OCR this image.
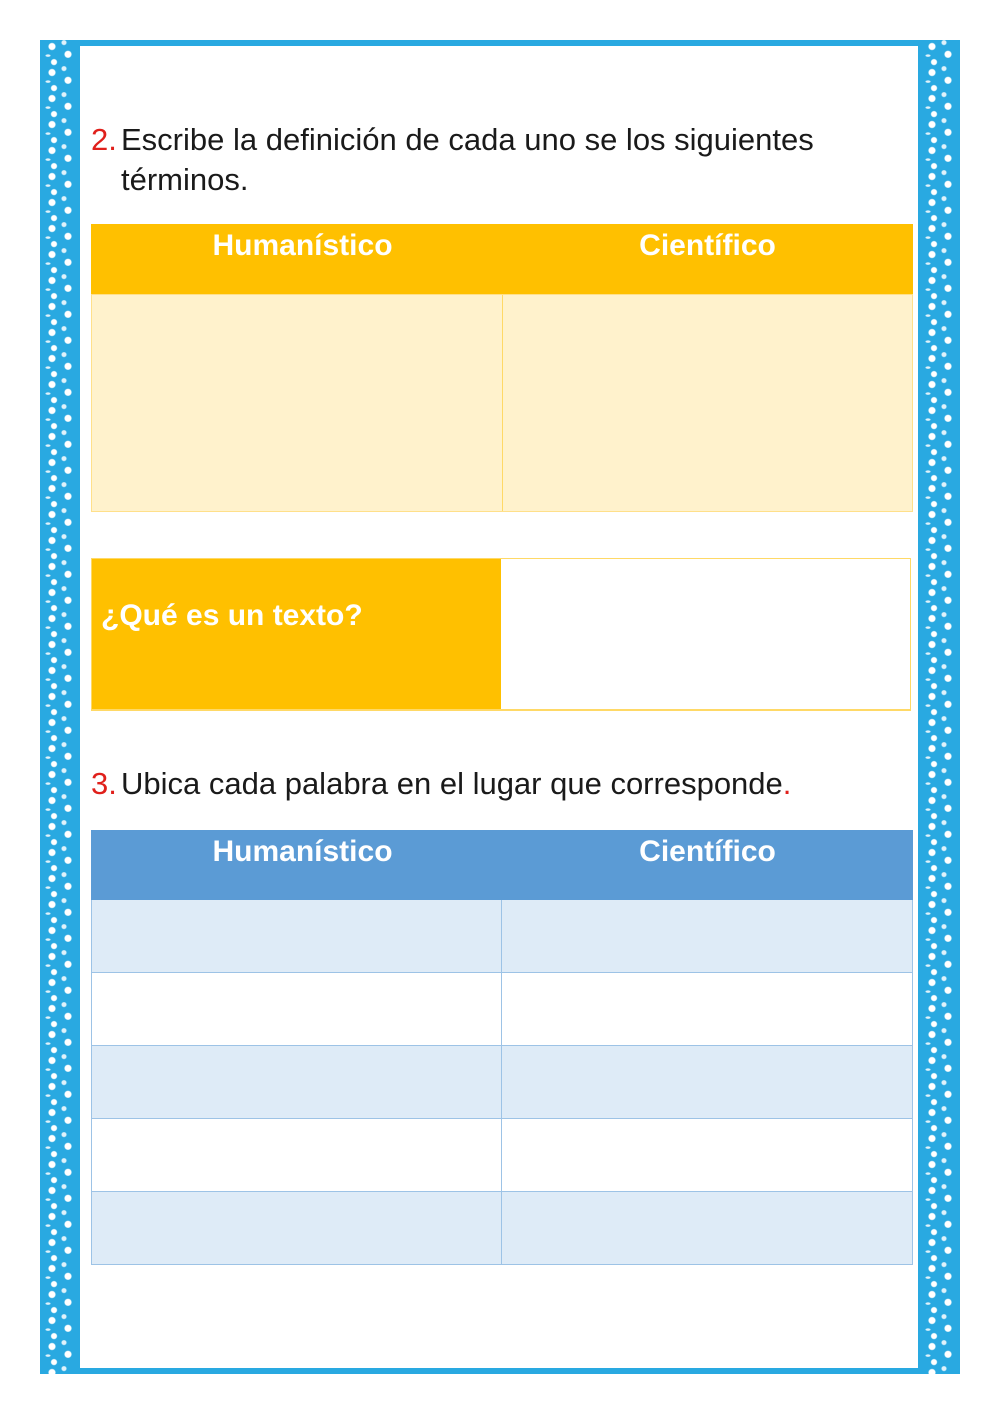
2. Escribe la definición de cada uno se los siguientes
términos.
Humanístico	Científico
¿Qué es un texto?
3. Ubica cada palabra en el lugar que corresponde.
Humanístico	Científico
